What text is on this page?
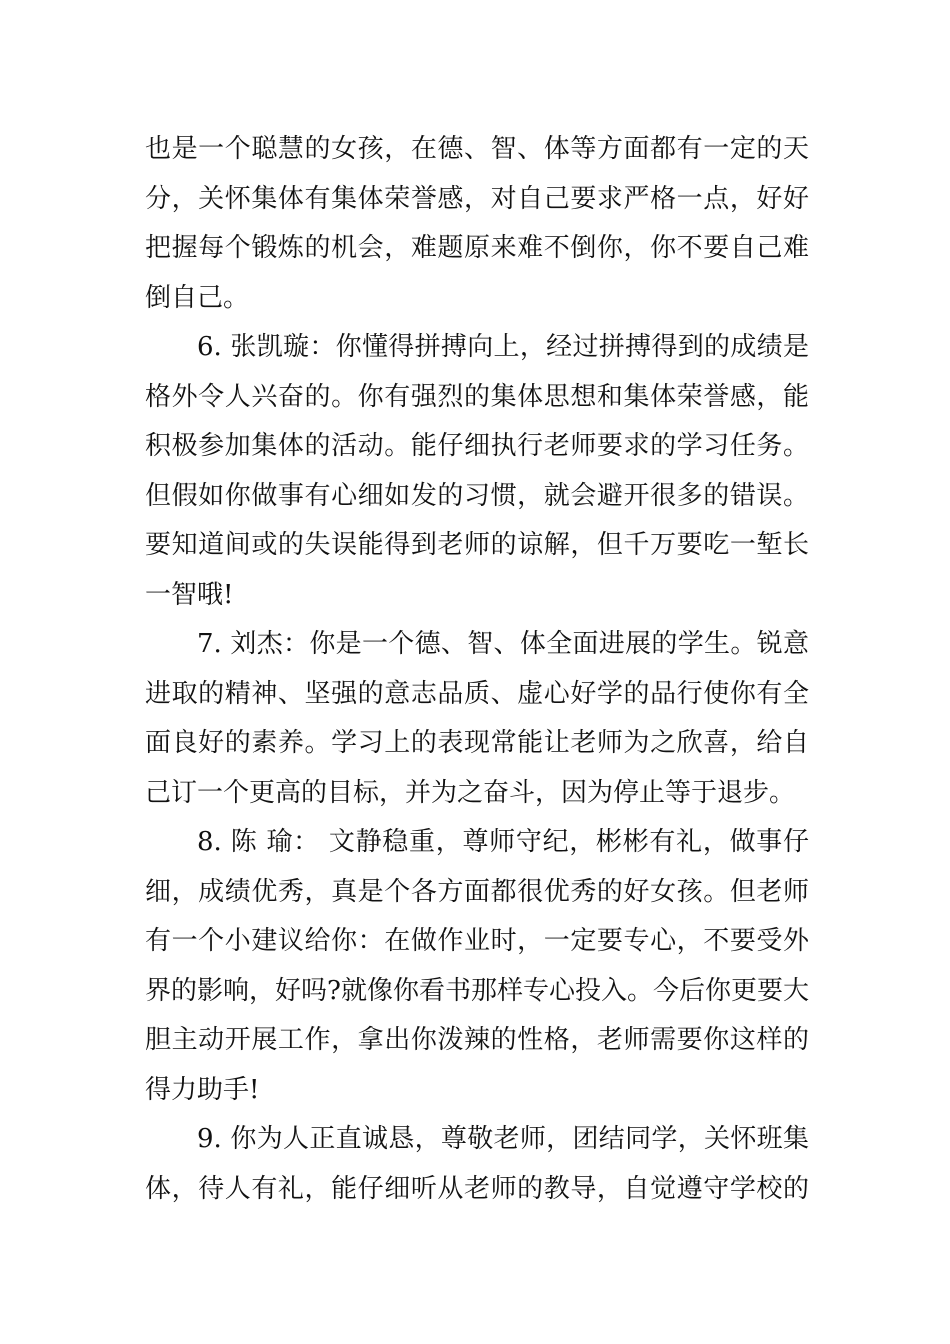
也是一个聪慧的女孩，在德、智、体等方面都有一定的天
分，关怀集体有集体荣誉感，对自己要求严格一点，好好
把握每个锻炼的机会，难题原来难不倒你，你不要自己难
倒自己。
6. 张凯璇：你懂得拼搏向上，经过拼搏得到的成绩是
格外令人兴奋的。你有强烈的集体思想和集体荣誉感，能
积极参加集体的活动。能仔细执行老师要求的学习任务。
但假如你做事有心细如发的习惯，就会避开很多的错误。
要知道间或的失误能得到老师的谅解，但千万要吃一堑长
一智哦!
7. 刘杰：你是一个德、智、体全面进展的学生。锐意
进取的精神、坚强的意志品质、虚心好学的品行使你有全
面良好的素养。学习上的表现常能让老师为之欣喜，给自
己订一个更高的目标，并为之奋斗，因为停止等于退步。
8. 陈 瑜： 文静稳重，尊师守纪，彬彬有礼，做事仔
细，成绩优秀，真是个各方面都很优秀的好女孩。但老师
有一个小建议给你：在做作业时，一定要专心，不要受外
界的影响，好吗?就像你看书那样专心投入。今后你更要大
胆主动开展工作，拿出你泼辣的性格，老师需要你这样的
得力助手!
9. 你为人正直诚恳，尊敬老师，团结同学，关怀班集
体，待人有礼，能仔细听从老师的教导，自觉遵守学校的
